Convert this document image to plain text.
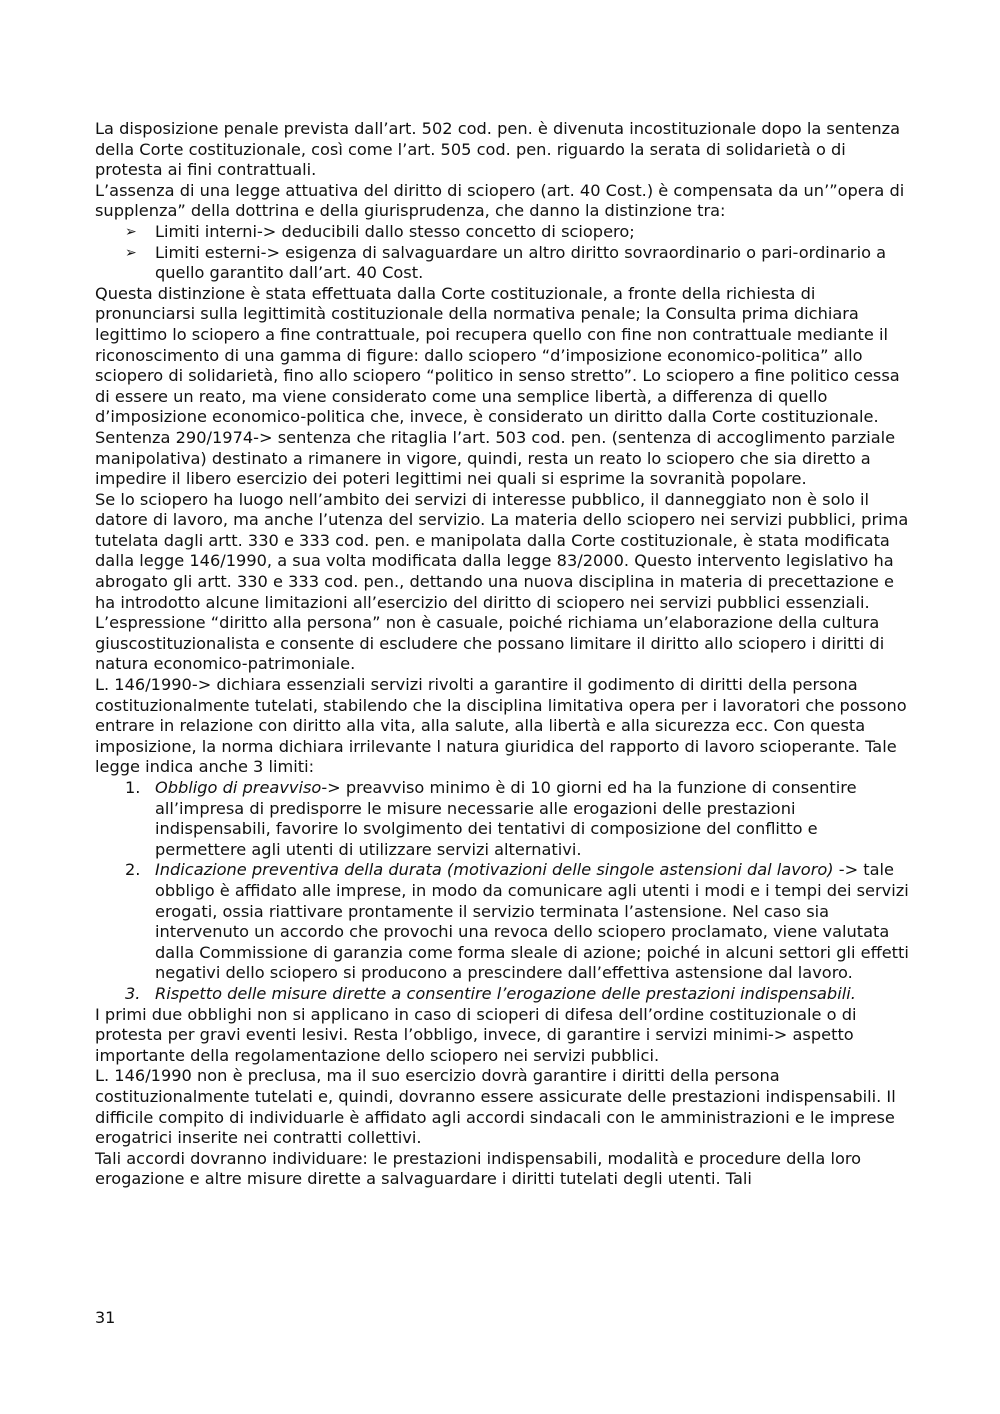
La disposizione penale prevista dall’art. 502 cod. pen. è divenuta incostituzionale dopo la sentenza della Corte costituzionale, così come l’art. 505 cod. pen. riguardo la serata di solidarietà o di protesta ai fini contrattuali.

L’assenza di una legge attuativa del diritto di sciopero (art. 40 Cost.) è compensata da un’”opera di supplenza” della dottrina e della giurisprudenza, che danno la distinzione tra:

➢ Limiti interni-> deducibili dallo stesso concetto di sciopero;
➢ Limiti esterni-> esigenza di salvaguardare un altro diritto sovraordinario o pari-ordinario a quello garantito dall’art. 40 Cost.

Questa distinzione è stata effettuata dalla Corte costituzionale, a fronte della richiesta di pronunciarsi sulla legittimità costituzionale della normativa penale; la Consulta prima dichiara legittimo lo sciopero a fine contrattuale, poi recupera quello con fine non contrattuale mediante il riconoscimento di una gamma di figure: dallo sciopero “d’imposizione economico-politica” allo sciopero di solidarietà, fino allo sciopero “politico in senso stretto”. Lo sciopero a fine politico cessa di essere un reato, ma viene considerato come una semplice libertà, a differenza di quello d’imposizione economico-politica che, invece, è considerato un diritto dalla Corte costituzionale.

Sentenza 290/1974-> sentenza che ritaglia l’art. 503 cod. pen. (sentenza di accoglimento parziale manipolativa) destinato a rimanere in vigore, quindi, resta un reato lo sciopero che sia diretto a impedire il libero esercizio dei poteri legittimi nei quali si esprime la sovranità popolare.

Se lo sciopero ha luogo nell’ambito dei servizi di interesse pubblico, il danneggiato non è solo il datore di lavoro, ma anche l’utenza del servizio. La materia dello sciopero nei servizi pubblici, prima tutelata dagli artt. 330 e 333 cod. pen. e manipolata dalla Corte costituzionale, è stata modificata dalla legge 146/1990, a sua volta modificata dalla legge 83/2000. Questo intervento legislativo ha abrogato gli artt. 330 e 333 cod. pen., dettando una nuova disciplina in materia di precettazione e ha introdotto alcune limitazioni all’esercizio del diritto di sciopero nei servizi pubblici essenziali.

L’espressione “diritto alla persona” non è casuale, poiché richiama un’elaborazione della cultura giuscostituzionalista e consente di escludere che possano limitare il diritto allo sciopero i diritti di natura economico-patrimoniale.

L. 146/1990-> dichiara essenziali servizi rivolti a garantire il godimento di diritti della persona costituzionalmente tutelati, stabilendo che la disciplina limitativa opera per i lavoratori che possono entrare in relazione con diritto alla vita, alla salute, alla libertà e alla sicurezza ecc. Con questa imposizione, la norma dichiara irrilevante l natura giuridica del rapporto di lavoro scioperante. Tale legge indica anche 3 limiti:

1. Obbligo di preavviso-> preavviso minimo è di 10 giorni ed ha la funzione di consentire all’impresa di predisporre le misure necessarie alle erogazioni delle prestazioni indispensabili, favorire lo svolgimento dei tentativi di composizione del conflitto e permettere agli utenti di utilizzare servizi alternativi.
2. Indicazione preventiva della durata (motivazioni delle singole astensioni dal lavoro) -> tale obbligo è affidato alle imprese, in modo da comunicare agli utenti i modi e i tempi dei servizi erogati, ossia riattivare prontamente il servizio terminata l’astensione. Nel caso sia intervenuto un accordo che provochi una revoca dello sciopero proclamato, viene valutata dalla Commissione di garanzia come forma sleale di azione; poiché in alcuni settori gli effetti negativi dello sciopero si producono a prescindere dall’effettiva astensione dal lavoro.
3. Rispetto delle misure dirette a consentire l’erogazione delle prestazioni indispensabili.

I primi due obblighi non si applicano in caso di scioperi di difesa dell’ordine costituzionale o di protesta per gravi eventi lesivi. Resta l’obbligo, invece, di garantire i servizi minimi-> aspetto importante della regolamentazione dello sciopero nei servizi pubblici.

L. 146/1990 non è preclusa, ma il suo esercizio dovrà garantire i diritti della persona costituzionalmente tutelati e, quindi, dovranno essere assicurate delle prestazioni indispensabili. Il difficile compito di individuarle è affidato agli accordi sindacali con le amministrazioni e le imprese erogatrici inserite nei contratti collettivi.

Tali accordi dovranno individuare: le prestazioni indispensabili, modalità e procedure della loro erogazione e altre misure dirette a salvaguardare i diritti tutelati degli utenti. Tali

31
